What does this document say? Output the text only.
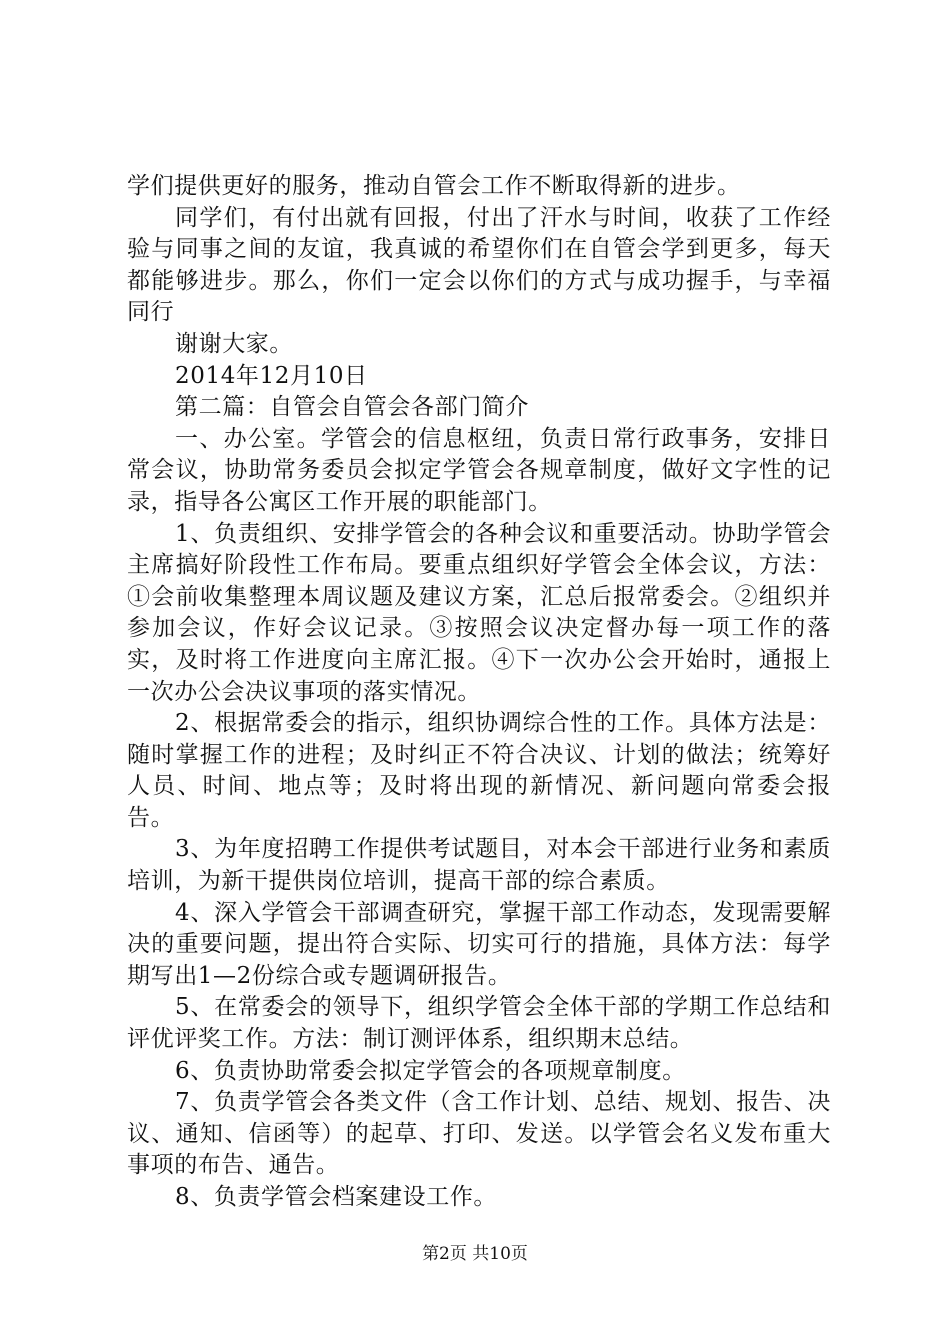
学们提供更好的服务，推动自管会工作不断取得新的进步。

同学们，有付出就有回报，付出了汗水与时间，收获了工作经验与同事之间的友谊，我真诚的希望你们在自管会学到更多，每天都能够进步。那么，你们一定会以你们的方式与成功握手，与幸福同行

谢谢大家。

2014年12月10日

第二篇：自管会自管会各部门简介

一、办公室。学管会的信息枢纽，负责日常行政事务，安排日常会议，协助常务委员会拟定学管会各规章制度，做好文字性的记录，指导各公寓区工作开展的职能部门。

1、负责组织、安排学管会的各种会议和重要活动。协助学管会主席搞好阶段性工作布局。要重点组织好学管会全体会议，方法：①会前收集整理本周议题及建议方案，汇总后报常委会。②组织并参加会议，作好会议记录。③按照会议决定督办每一项工作的落实，及时将工作进度向主席汇报。④下一次办公会开始时，通报上一次办公会决议事项的落实情况。

2、根据常委会的指示，组织协调综合性的工作。具体方法是：随时掌握工作的进程；及时纠正不符合决议、计划的做法；统筹好人员、时间、地点等；及时将出现的新情况、新问题向常委会报告。

3、为年度招聘工作提供考试题目，对本会干部进行业务和素质培训，为新干提供岗位培训，提高干部的综合素质。

4、深入学管会干部调查研究，掌握干部工作动态，发现需要解决的重要问题，提出符合实际、切实可行的措施，具体方法：每学期写出1—2份综合或专题调研报告。

5、在常委会的领导下，组织学管会全体干部的学期工作总结和评优评奖工作。方法：制订测评体系，组织期末总结。

6、负责协助常委会拟定学管会的各项规章制度。

7、负责学管会各类文件（含工作计划、总结、规划、报告、决议、通知、信函等）的起草、打印、发送。以学管会名义发布重大事项的布告、通告。

8、负责学管会档案建设工作。

第2页 共10页
